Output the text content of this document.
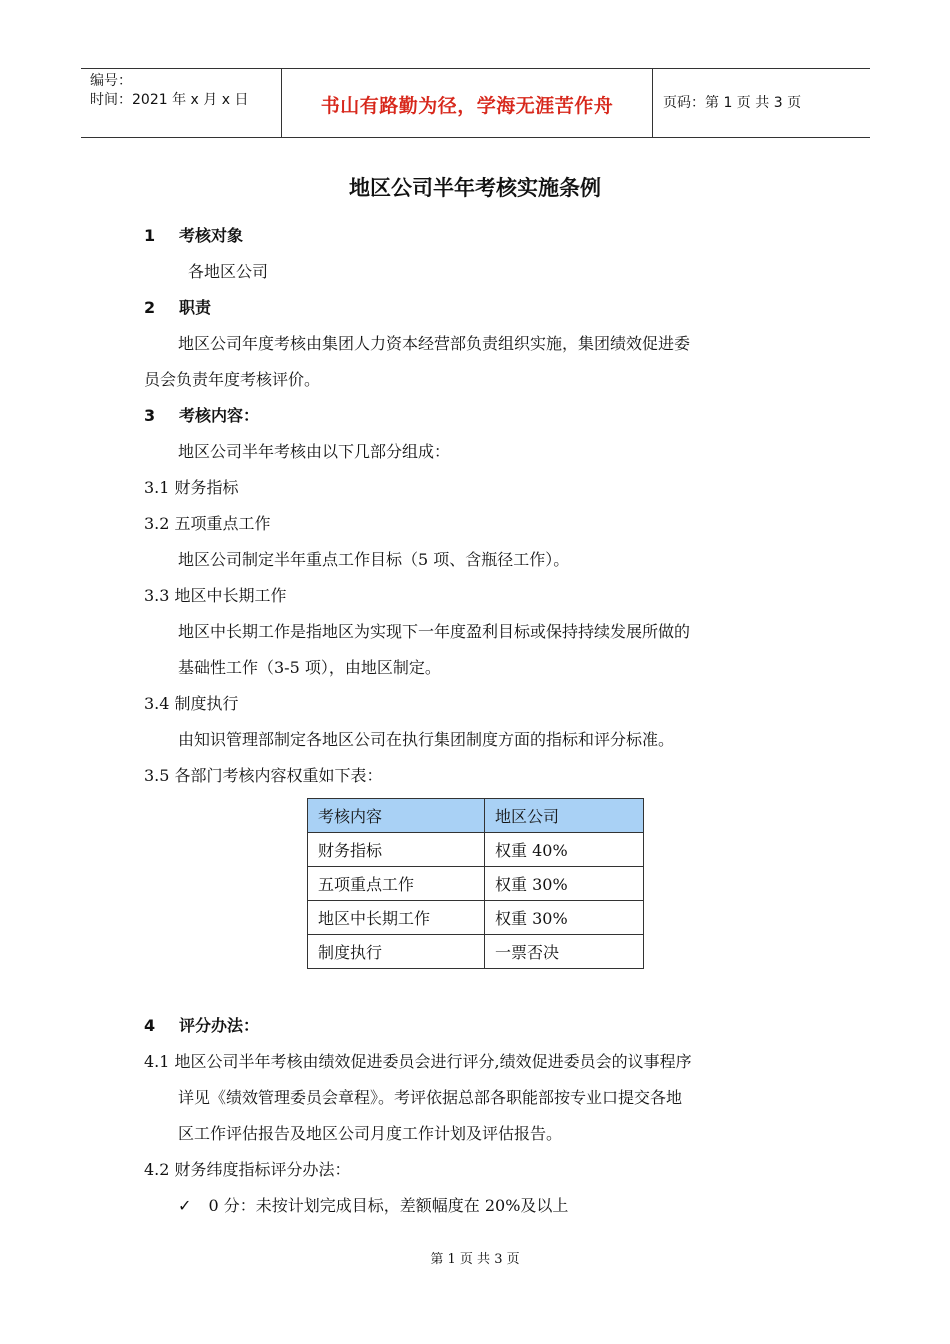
编号：
时间：2021 年 x 月 x 日	书山有路勤为径，学海无涯苦作舟	页码：第 1 页 共 3 页
地区公司半年考核实施条例
1 考核对象
各地区公司
2 职责
地区公司年度考核由集团人力资本经营部负责组织实施，集团绩效促进委
员会负责年度考核评价。
3 考核内容：
地区公司半年考核由以下几部分组成：
3.1 财务指标
3.2 五项重点工作
地区公司制定半年重点工作目标（5 项、含瓶径工作）。
3.3 地区中长期工作
地区中长期工作是指地区为实现下一年度盈利目标或保持持续发展所做的
基础性工作（3-5 项），由地区制定。
3.4 制度执行
由知识管理部制定各地区公司在执行集团制度方面的指标和评分标准。
3.5 各部门考核内容权重如下表：
考核内容	地区公司
财务指标	权重 40%
五项重点工作	权重 30%
地区中长期工作	权重 30%
制度执行	一票否决
4 评分办法：
4.1 地区公司半年考核由绩效促进委员会进行评分,绩效促进委员会的议事程序
详见《绩效管理委员会章程》。考评依据总部各职能部按专业口提交各地
区工作评估报告及地区公司月度工作计划及评估报告。
4.2 财务纬度指标评分办法：
✓ 0 分：未按计划完成目标，差额幅度在 20%及以上
第 1 页 共 3 页
